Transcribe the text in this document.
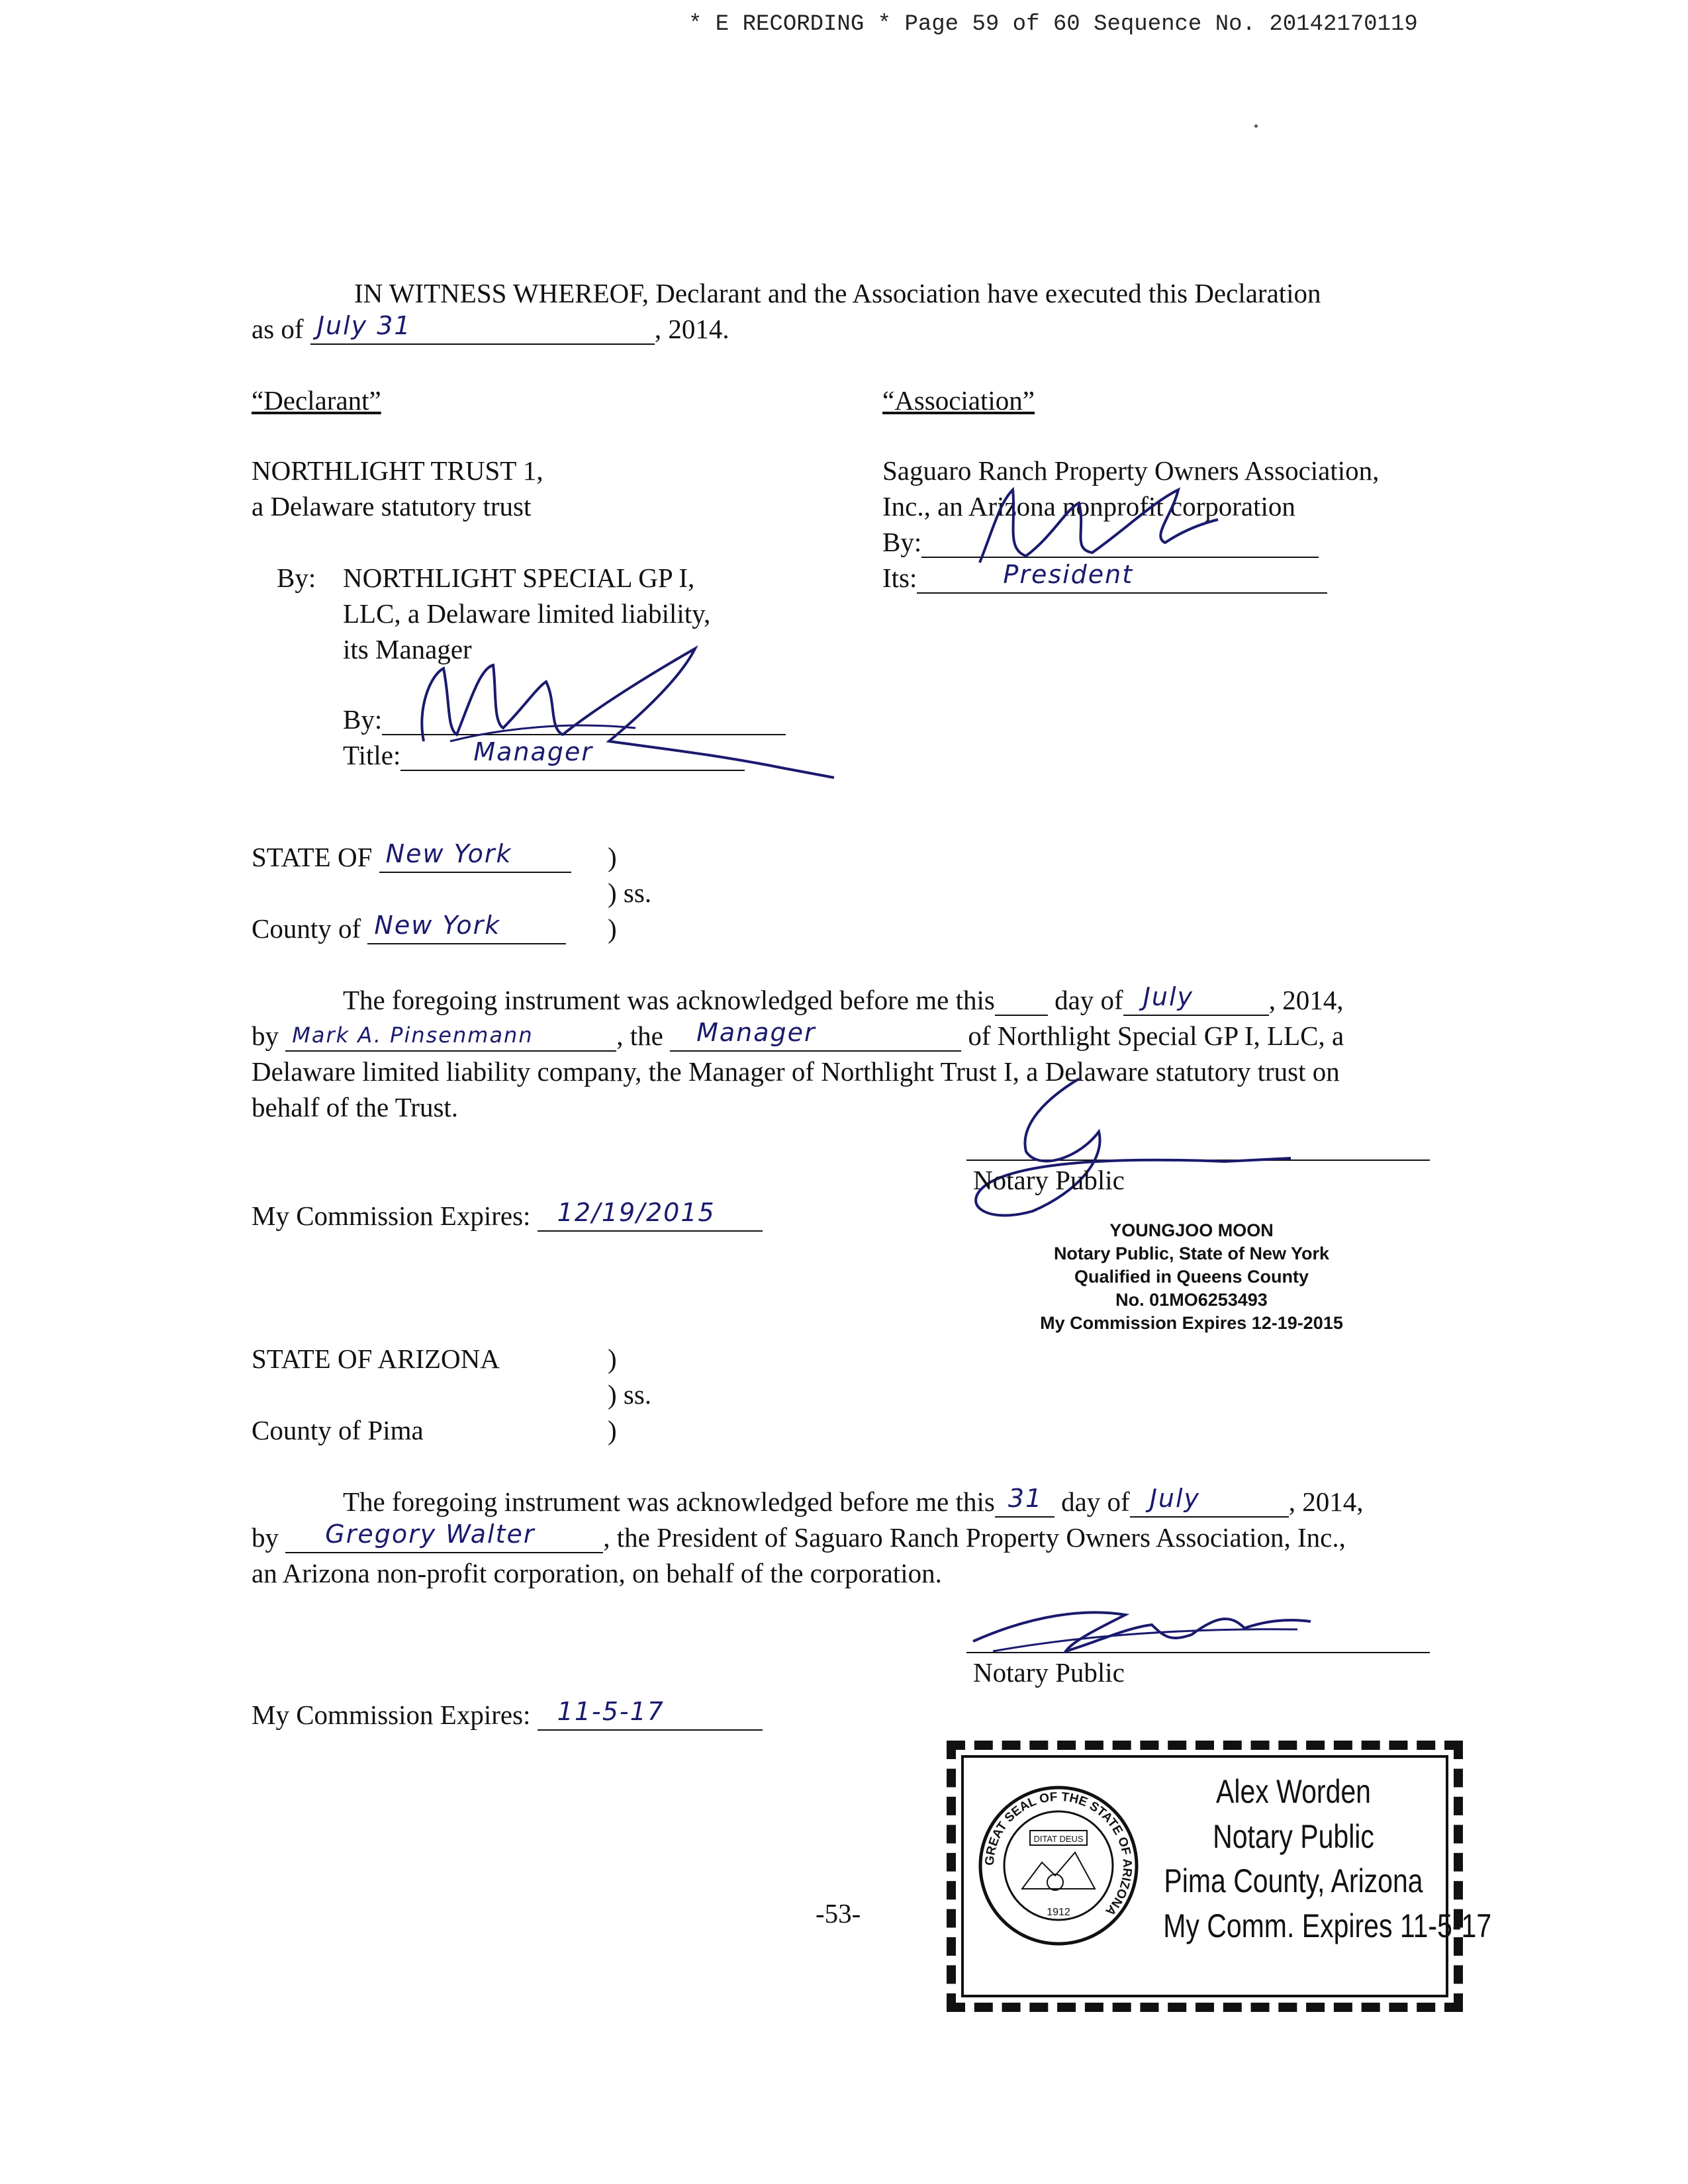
* E RECORDING * Page 59 of 60 Sequence No. 20142170119
IN WITNESS WHEREOF, Declarant and the Association have executed this Declaration
as of July 31	, 2014.
“Declarant”	“Association”
NORTHLIGHT TRUST 1,
a Delaware statutory trust
By: NORTHLIGHT SPECIAL GP I,
LLC, a Delaware limited liability,
its Manager
By:
Title:	Manager
Saguaro Ranch Property Owners Association,
Inc., an Arizona nonprofit corporation
By:
Its:	President
STATE OF New York	)
) ss.
County of New York	)
The foregoing instrument was acknowledged before me this day of July	, 2014,
by Mark A. Pinsenmann	, the Manager	of Northlight Special GP I, LLC, a
Delaware limited liability company, the Manager of Northlight Trust I, a Delaware statutory trust on
behalf of the Trust.
Notary Public
My Commission Expires: 12/19/2015
YOUNGJOO MOON
Notary Public, State of New York
Qualified in Queens County
No. 01MO6253493
My Commission Expires 12-19-2015
STATE OF ARIZONA	)
) ss.
County of Pima	)
The foregoing instrument was acknowledged before me this 31 day of July	, 2014,
by Gregory Walter	, the President of Saguaro Ranch Property Owners Association, Inc.,
an Arizona non-profit corporation, on behalf of the corporation.
Notary Public
My Commission Expires: 11-5-17
GREAT SEAL OF THE STATE OF ARIZONA
DITAT DEUS
1912
Alex Worden
Notary Public
Pima County, Arizona
My Comm. Expires 11-5-17
-53-
